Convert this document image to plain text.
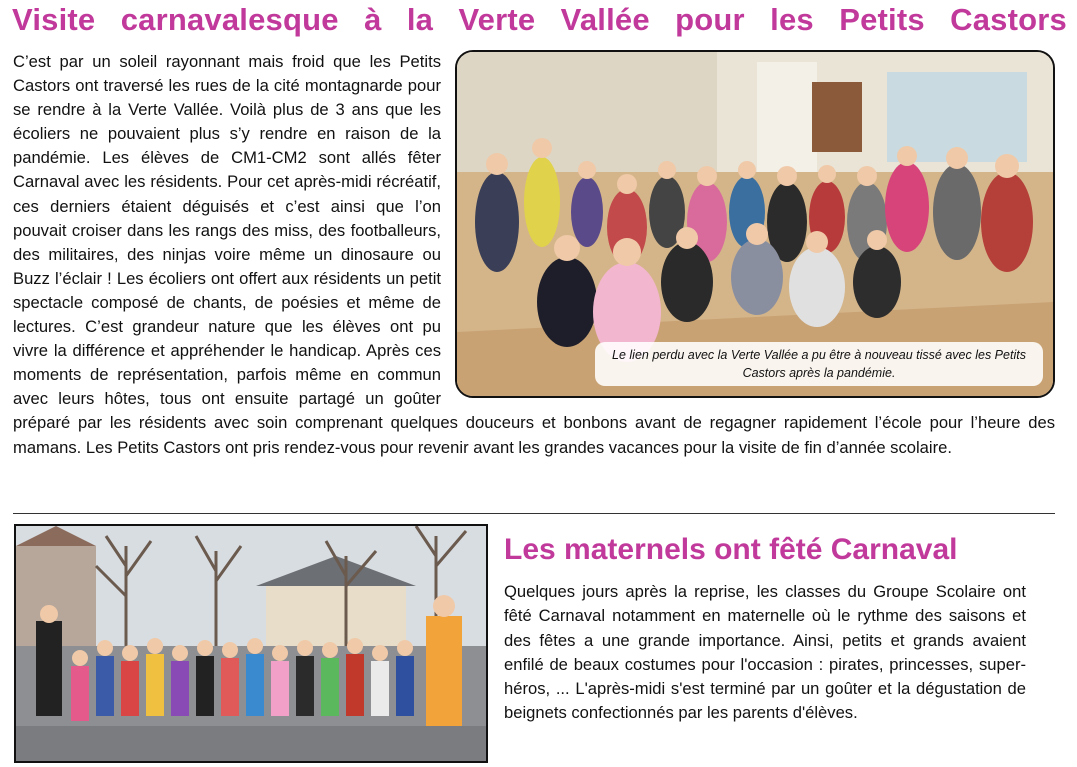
Visite carnavalesque à la Verte Vallée pour les Petits Castors
Le lien perdu avec la Verte Vallée a pu être à nouveau tissé avec les Petits Castors après la pandémie.
C’est par un soleil rayonnant mais froid que les Petits Castors ont traversé les rues de la cité montagnarde pour se rendre à la Verte Vallée. Voilà plus de 3 ans que les écoliers ne pouvaient plus s’y rendre en raison de la pandémie. Les élèves de CM1-CM2 sont allés fêter Carnaval avec les résidents. Pour cet après-midi récréatif, ces derniers étaient déguisés et c’est ainsi que l’on pouvait croiser dans les rangs des miss, des footballeurs, des militaires, des ninjas voire même un dinosaure ou Buzz l’éclair ! Les écoliers ont offert aux résidents un petit spectacle composé de chants, de poésies et même de lectures. C’est grandeur nature que les élèves ont pu vivre la différence et appréhender le handicap. Après ces moments de représentation, parfois même en commun avec leurs hôtes, tous ont ensuite partagé un goûter préparé par les résidents avec soin comprenant quelques douceurs et bonbons avant de regagner rapidement l’école pour l’heure des mamans. Les Petits Castors ont pris rendez-vous pour revenir avant les grandes vacances pour la visite de fin d’année scolaire.
Les maternels ont fêté Carnaval
Quelques jours après la reprise, les classes du Groupe Scolaire ont fêté Carnaval notamment en maternelle où le rythme des saisons et des fêtes a une grande importance. Ainsi, petits et grands avaient enfilé de beaux costumes pour l'occasion : pirates, princesses, super-héros, ... L'après-midi s'est terminé par un goûter et la dégustation de beignets confectionnés par les parents d'élèves.
